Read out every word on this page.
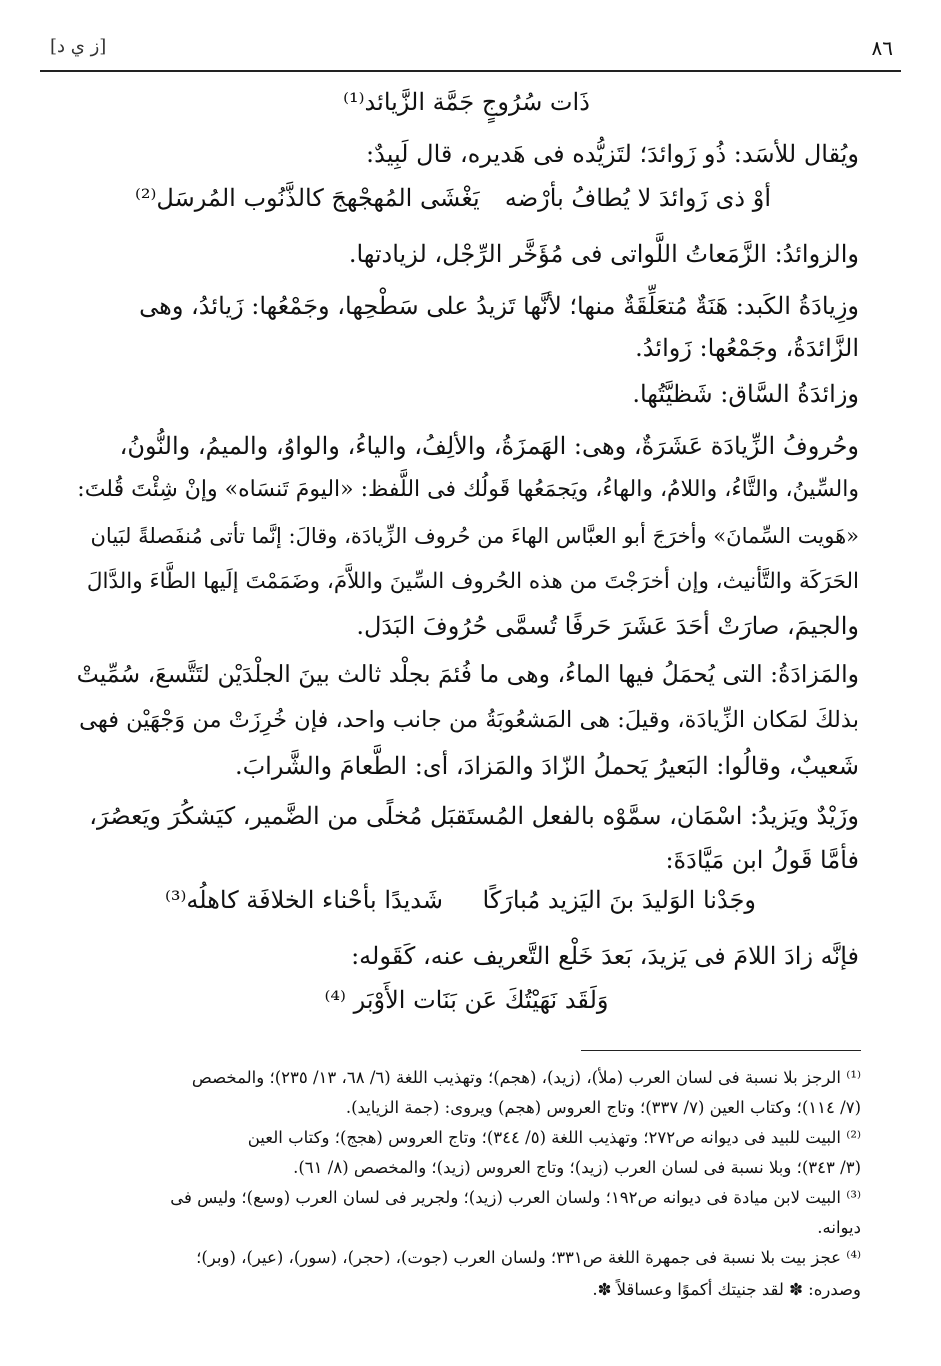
٨٦
[ز ي د]
ذَات سُرُوجٍ جَمَّة الزَّيائد⁽¹⁾
ويُقال للأسَد: ذُو زَوائدَ؛ لتَزيُّده فى هَديره، قال لَبِيدٌ:
أوْ ذى زَوائدَ لا يُطافُ بأرْضه
يَغْشَى المُهجْهجَ كالذَّنُوب المُرسَل⁽²⁾
والزوائدُ: الزَّمَعاتُ اللَّواتى فى مُؤَخَّر الرِّجْل، لزيادتها.
وزِيادَةُ الكَبد: هَنَةٌ مُتعَلِّقَةٌ منها؛ لأنَّها تَزيدُ على سَطْحِها، وجَمْعُها: زَيائدُ، وهى
الزَّائدَةُ، وجَمْعُها: زَوائدُ.
وزائدَةُ السَّاق: شَظيَّتُها.
وحُروفُ الزِّيادَة عَشَرَةٌ، وهى: الهَمزَةُ، والألِفُ، والياءُ، والواوُ، والميمُ، والنُّونُ،
والسِّينُ، والتَّاءُ، واللامُ، والهاءُ، ويَجمَعُها قَولُك فى اللَّفظ: «اليومَ تَنسَاه» وإنْ شِئْتَ قُلتَ:
«هَويت السِّمانَ» وأخرَجَ أبو العبَّاس الهاءَ من حُروف الزِّيادَة، وقالَ: إنَّما تأتى مُنفَصلةً لبَيان
الحَرَكَة والتَّأنيث، وإن أخرَجْتَ من هذه الحُروف السِّينَ واللاَّمَ، وضَمَمْتَ إلَيها الطَّاءَ والدَّالَ
والجيمَ، صارَتْ أحَدَ عَشَرَ حَرفًا تُسمَّى حُرُوفَ البَدَل.
والمَزادَةُ: التى يُحمَلُ فيها الماءُ، وهى ما فُئمَ بجلْد ثالث بينَ الجلْدَيْن لتَتَّسعَ، سُمِّيتْ
بذلكَ لمَكان الزِّيادَة، وقيلَ: هى المَشعُوبَةُ من جانب واحد، فإن خُرِزَتْ من وَجْهَيْن فهى
شَعيبٌ، وقالُوا: البَعيرُ يَحملُ الزّادَ والمَزادَ، أى: الطَّعامَ والشَّرابَ.
وزَيْدٌ ويَزيدُ: اسْمَان، سمَّوْه بالفعل المُستَقبَل مُخلًى من الضَّمير، كيَشكُرَ ويَعصُرَ،
فأمَّا قَولُ ابن مَيَّادَةَ:
وجَدْنا الوَليدَ بنَ اليَزيد مُبارَكًا
شَديدًا بأحْناء الخلافَة كاهلُه⁽³⁾
فإنَّه زادَ اللامَ فى يَزيدَ، بَعدَ خَلْع التَّعريف عنه، كَقَوله:
وَلَقَد نَهَيْتُكَ عَن بَنَات الأَوْبَر ⁽⁴⁾
⁽¹⁾ الرجز بلا نسبة فى لسان العرب (ملأ)، (زيد)، (هجم)؛ وتهذيب اللغة (٦/ ٦٨، ١٣/ ٢٣٥)؛ والمخصص
(٧/ ١١٤)؛ وكتاب العين (٧/ ٣٣٧)؛ وتاج العروس (هجم) ويروى: (جمة الزيايد).
⁽²⁾ البيت للبيد فى ديوانه ص٢٧٢؛ وتهذيب اللغة (٥/ ٣٤٤)؛ وتاج العروس (هجج)؛ وكتاب العين
(٣/ ٣٤٣)؛ وبلا نسبة فى لسان العرب (زيد)؛ وتاج العروس (زيد)؛ والمخصص (٨/ ٦١).
⁽³⁾ البيت لابن ميادة فى ديوانه ص١٩٢؛ ولسان العرب (زيد)؛ ولجرير فى لسان العرب (وسع)؛ وليس فى
ديوانه.
⁽⁴⁾ عجز بيت بلا نسبة فى جمهرة اللغة ص٣٣١؛ ولسان العرب (جوت)، (حجر)، (سور)، (عير)، (وبر)؛
وصدره: ✽ لقد جنيتك أكموًا وعساقلاً ✽.
